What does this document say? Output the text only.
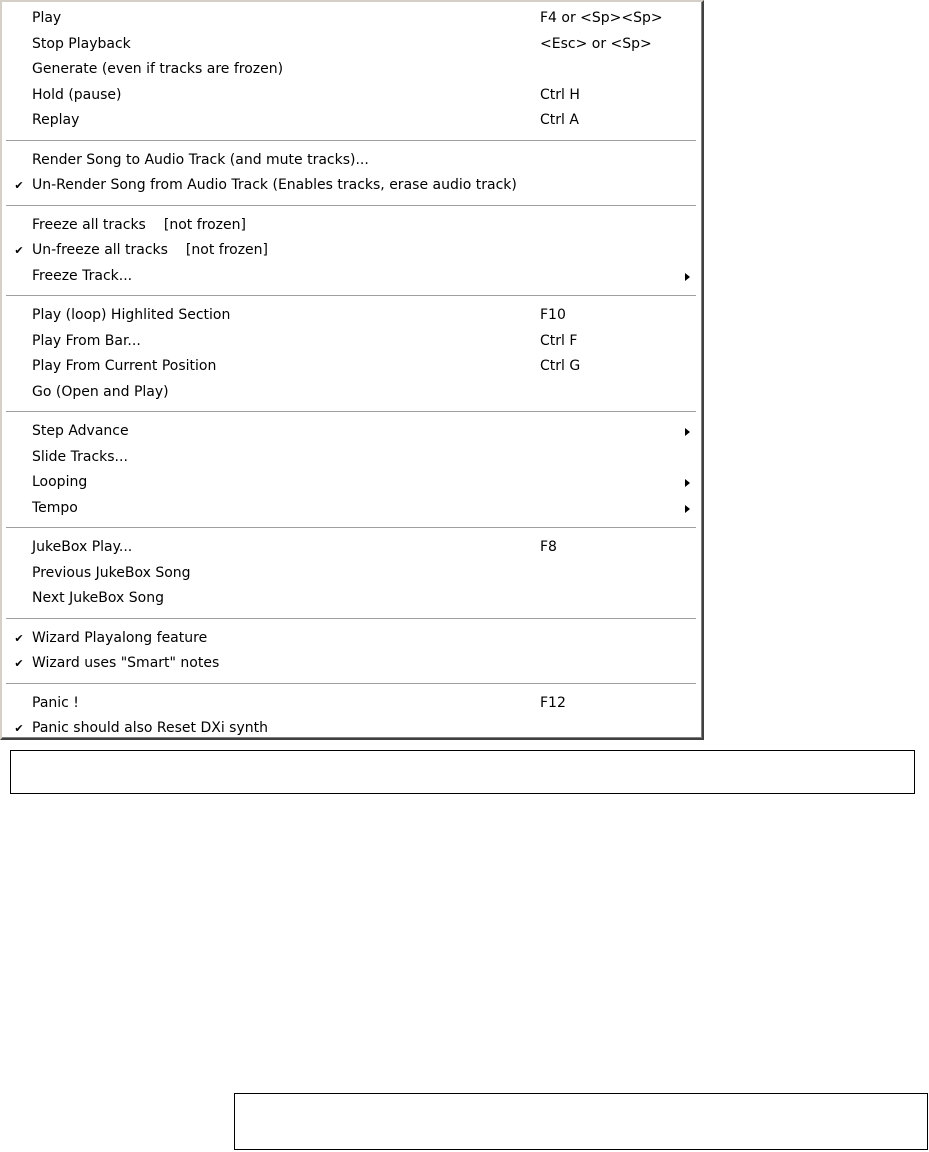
Play	F4 or <Sp><Sp>
Stop Playback	<Esc> or <Sp>
Generate (even if tracks are frozen)
Hold (pause)	Ctrl H
Replay	Ctrl A
Render Song to Audio Track (and mute tracks)...
✔ Un-Render Song from Audio Track (Enables tracks, erase audio track)
Freeze all tracks [not frozen]
✔ Un-freeze all tracks [not frozen]
Freeze Track...
Play (loop) Highlited Section	F10
Play From Bar...	Ctrl F
Play From Current Position	Ctrl G
Go (Open and Play)
Step Advance
Slide Tracks...
Looping
Tempo
JukeBox Play...	F8
Previous JukeBox Song
Next JukeBox Song
✔ Wizard Playalong feature
✔ Wizard uses "Smart" notes
Panic !	F12
✔ Panic should also Reset DXi synth
